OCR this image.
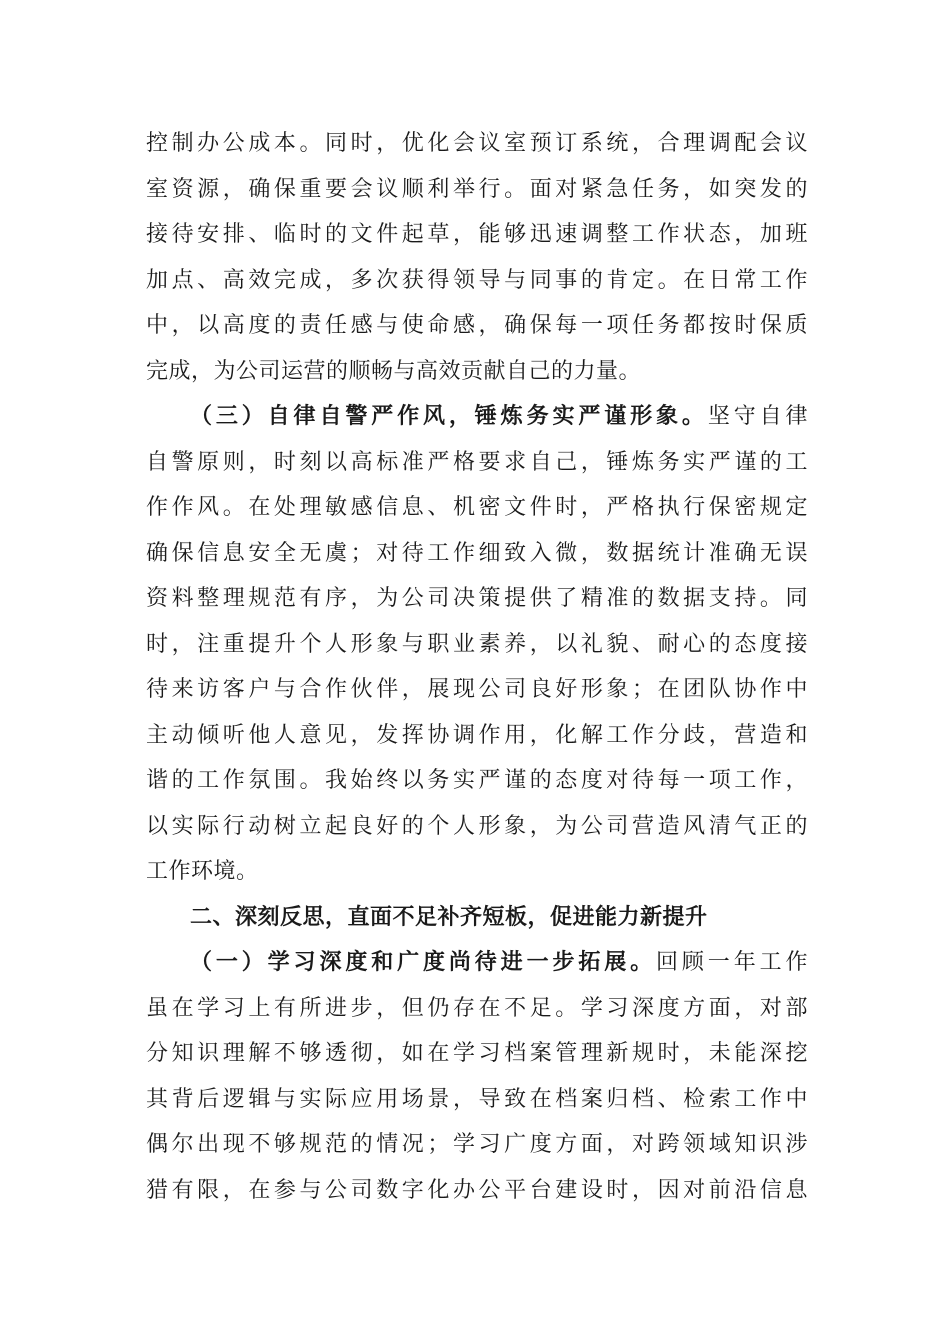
控制办公成本。同时，优化会议室预订系统，合理调配会议
室资源，确保重要会议顺利举行。面对紧急任务，如突发的
接待安排、临时的文件起草，能够迅速调整工作状态，加班
加点、高效完成，多次获得领导与同事的肯定。在日常工作
中，以高度的责任感与使命感，确保每一项任务都按时保质
完成，为公司运营的顺畅与高效贡献自己的力量。
（三）自律自警严作风，锤炼务实严谨形象。坚守自律
自警原则，时刻以高标准严格要求自己，锤炼务实严谨的工
作作风。在处理敏感信息、机密文件时，严格执行保密规定
确保信息安全无虞；对待工作细致入微，数据统计准确无误
资料整理规范有序，为公司决策提供了精准的数据支持。同
时，注重提升个人形象与职业素养，以礼貌、耐心的态度接
待来访客户与合作伙伴，展现公司良好形象；在团队协作中
主动倾听他人意见，发挥协调作用，化解工作分歧，营造和
谐的工作氛围。我始终以务实严谨的态度对待每一项工作，
以实际行动树立起良好的个人形象，为公司营造风清气正的
工作环境。
二、深刻反思，直面不足补齐短板，促进能力新提升
（一）学习深度和广度尚待进一步拓展。回顾一年工作
虽在学习上有所进步，但仍存在不足。学习深度方面，对部
分知识理解不够透彻，如在学习档案管理新规时，未能深挖
其背后逻辑与实际应用场景，导致在档案归档、检索工作中
偶尔出现不够规范的情况；学习广度方面，对跨领域知识涉
猎有限，在参与公司数字化办公平台建设时，因对前沿信息
